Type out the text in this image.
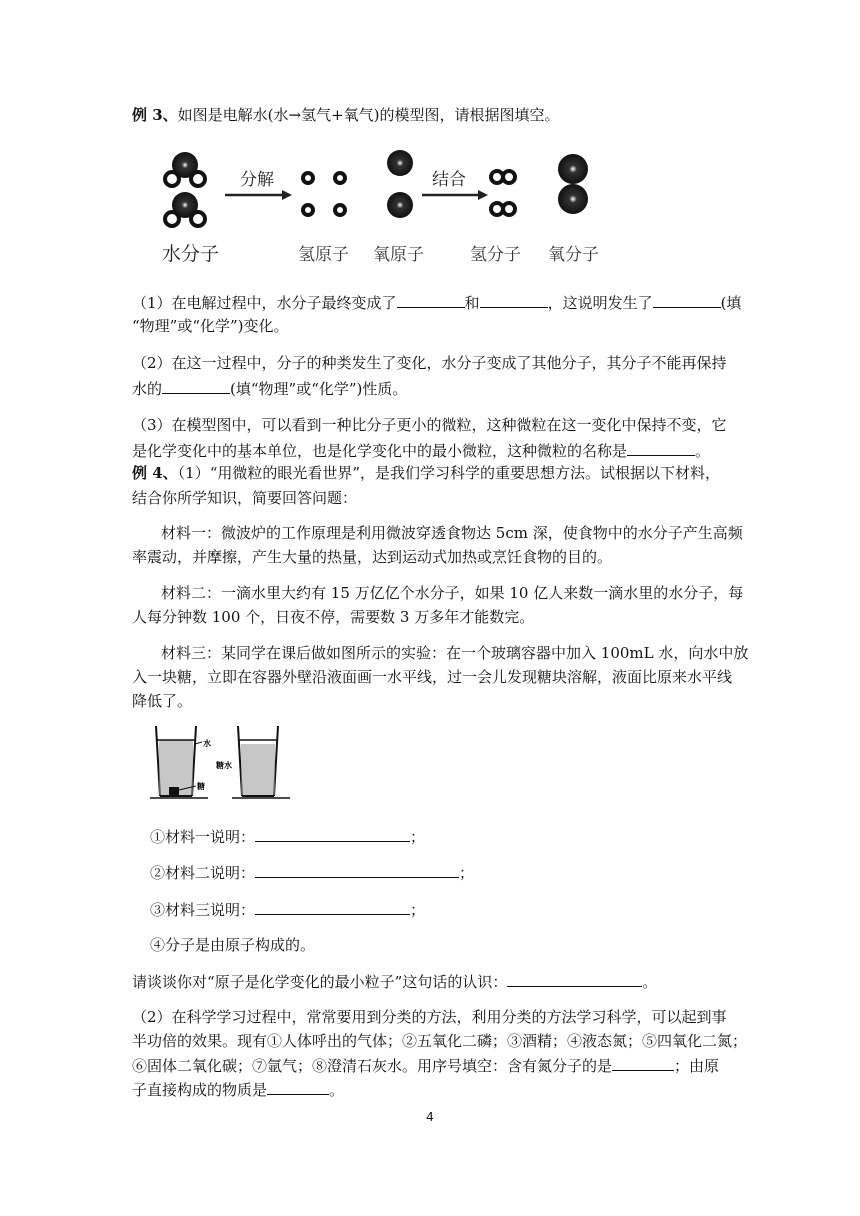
例 3、如图是电解水(水→氢气+氧气)的模型图，请根据图填空。
分解	结合
水分子	氢原子 氧原子	氢分子 氧分子
（1）在电解过程中，水分子最终变成了	和	，这说明发生了	(填
“物理”或“化学”)变化。
（2）在这一过程中，分子的种类发生了变化，水分子变成了其他分子，其分子不能再保持
水的	(填“物理”或“化学”)性质。
（3）在模型图中，可以看到一种比分子更小的微粒，这种微粒在这一变化中保持不变，它
是化学变化中的基本单位，也是化学变化中的最小微粒，这种微粒的名称是	。
例 4、（1）“用微粒的眼光看世界”，是我们学习科学的重要思想方法。试根据以下材料，
结合你所学知识，简要回答问题：
材料一：微波炉的工作原理是利用微波穿透食物达 5cm 深，使食物中的水分子产生高频
率震动，并摩擦，产生大量的热量，达到运动式加热或烹饪食物的目的。
材料二：一滴水里大约有 15 万亿亿个水分子，如果 10 亿人来数一滴水里的水分子，每
人每分钟数 100 个，日夜不停，需要数 3 万多年才能数完。
材料三：某同学在课后做如图所示的实验：在一个玻璃容器中加入 100mL 水，向水中放
入一块糖，立即在容器外壁沿液面画一水平线，过一会儿发现糖块溶解，液面比原来水平线
降低了。
水
糖
糖水
①材料一说明：	；
②材料二说明：	；
③材料三说明：	；
④分子是由原子构成的。
请谈谈你对“原子是化学变化的最小粒子”这句话的认识：	。
（2）在科学学习过程中，常常要用到分类的方法，利用分类的方法学习科学，可以起到事
半功倍的效果。现有①人体呼出的气体；②五氧化二磷；③酒精；④液态氮；⑤四氧化二氮；
⑥固体二氧化碳；⑦氩气；⑧澄清石灰水。用序号填空：含有氮分子的是	；由原
子直接构成的物质是	。
4
